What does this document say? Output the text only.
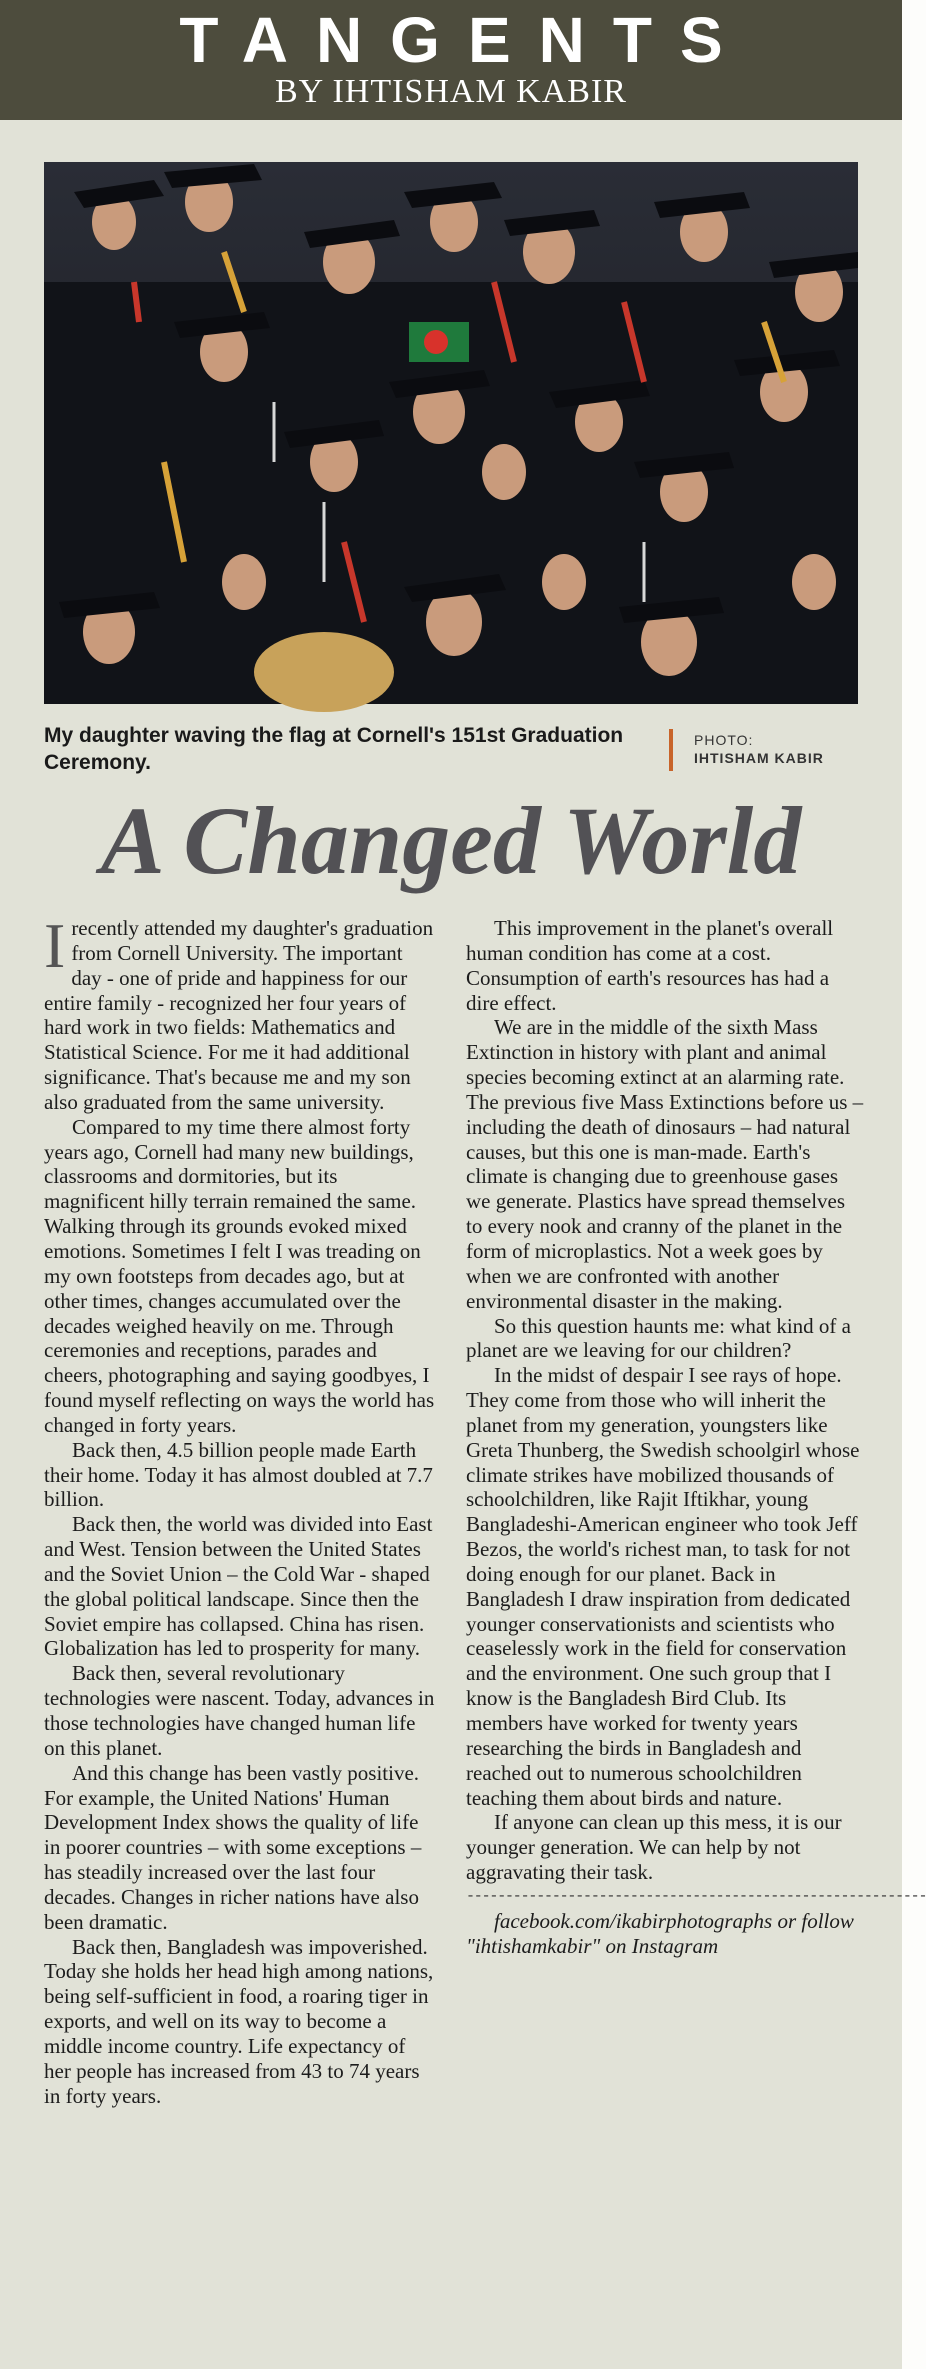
TANGENTS
BY IHTISHAM KABIR
My daughter waving the flag at Cornell's 151st Graduation Ceremony.
PHOTO:
IHTISHAM KABIR
A Changed World

Irecently attended my daughter's graduation from Cornell University. The important day - one of pride and happiness for our entire family - recognized her four years of hard work in two fields: Mathematics and Statistical Science. For me it had additional significance. That's because me and my son also graduated from the same university.

Compared to my time there almost forty years ago, Cornell had many new buildings, classrooms and dormitories, but its magnificent hilly terrain remained the same. Walking through its grounds evoked mixed emotions. Sometimes I felt I was treading on my own footsteps from decades ago, but at other times, changes accumulated over the decades weighed heavily on me. Through ceremonies and receptions, parades and cheers, photographing and saying goodbyes, I found myself reflecting on ways the world has changed in forty years.

Back then, 4.5 billion people made Earth their home. Today it has almost doubled at 7.7 billion.

Back then, the world was divided into East and West. Tension between the United States and the Soviet Union – the Cold War - shaped the global political landscape. Since then the Soviet empire has collapsed. China has risen. Globalization has led to prosperity for many.

Back then, several revolutionary technologies were nascent. Today, advances in those technologies have changed human life on this planet.

And this change has been vastly positive. For example, the United Nations' Human Development Index shows the quality of life in poorer countries – with some exceptions – has steadily increased over the last four decades. Changes in richer nations have also been dramatic.

Back then, Bangladesh was impoverished. Today she holds her head high among nations, being self-sufficient in food, a roaring tiger in exports, and well on its way to become a middle income country. Life expectancy of her people has increased from 43 to 74 years in forty years.

This improvement in the planet's overall human condition has come at a cost. Consumption of earth's resources has had a dire effect.

We are in the middle of the sixth Mass Extinction in history with plant and animal species becoming extinct at an alarming rate. The previous five Mass Extinctions before us – including the death of dinosaurs – had natural causes, but this one is man-made. Earth's climate is changing due to greenhouse gases we generate. Plastics have spread themselves to every nook and cranny of the planet in the form of microplastics. Not a week goes by when we are confronted with another environmental disaster in the making.

So this question haunts me: what kind of a planet are we leaving for our children?

In the midst of despair I see rays of hope. They come from those who will inherit the planet from my generation, youngsters like Greta Thunberg, the Swedish schoolgirl whose climate strikes have mobilized thousands of schoolchildren, like Rajit Iftikhar, young Bangladeshi-American engineer who took Jeff Bezos, the world's richest man, to task for not doing enough for our planet. Back in Bangladesh I draw inspiration from dedicated younger conservationists and scientists who ceaselessly work in the field for conservation and the environment. One such group that I know is the Bangladesh Bird Club. Its members have worked for twenty years researching the birds in Bangladesh and reached out to numerous schoolchildren teaching them about birds and nature.

If anyone can clean up this mess, it is our younger generation. We can help by not aggravating their task.

-----------------------------------------------------------

facebook.com/ikabirphotographs or follow "ihtishamkabir" on Instagram
